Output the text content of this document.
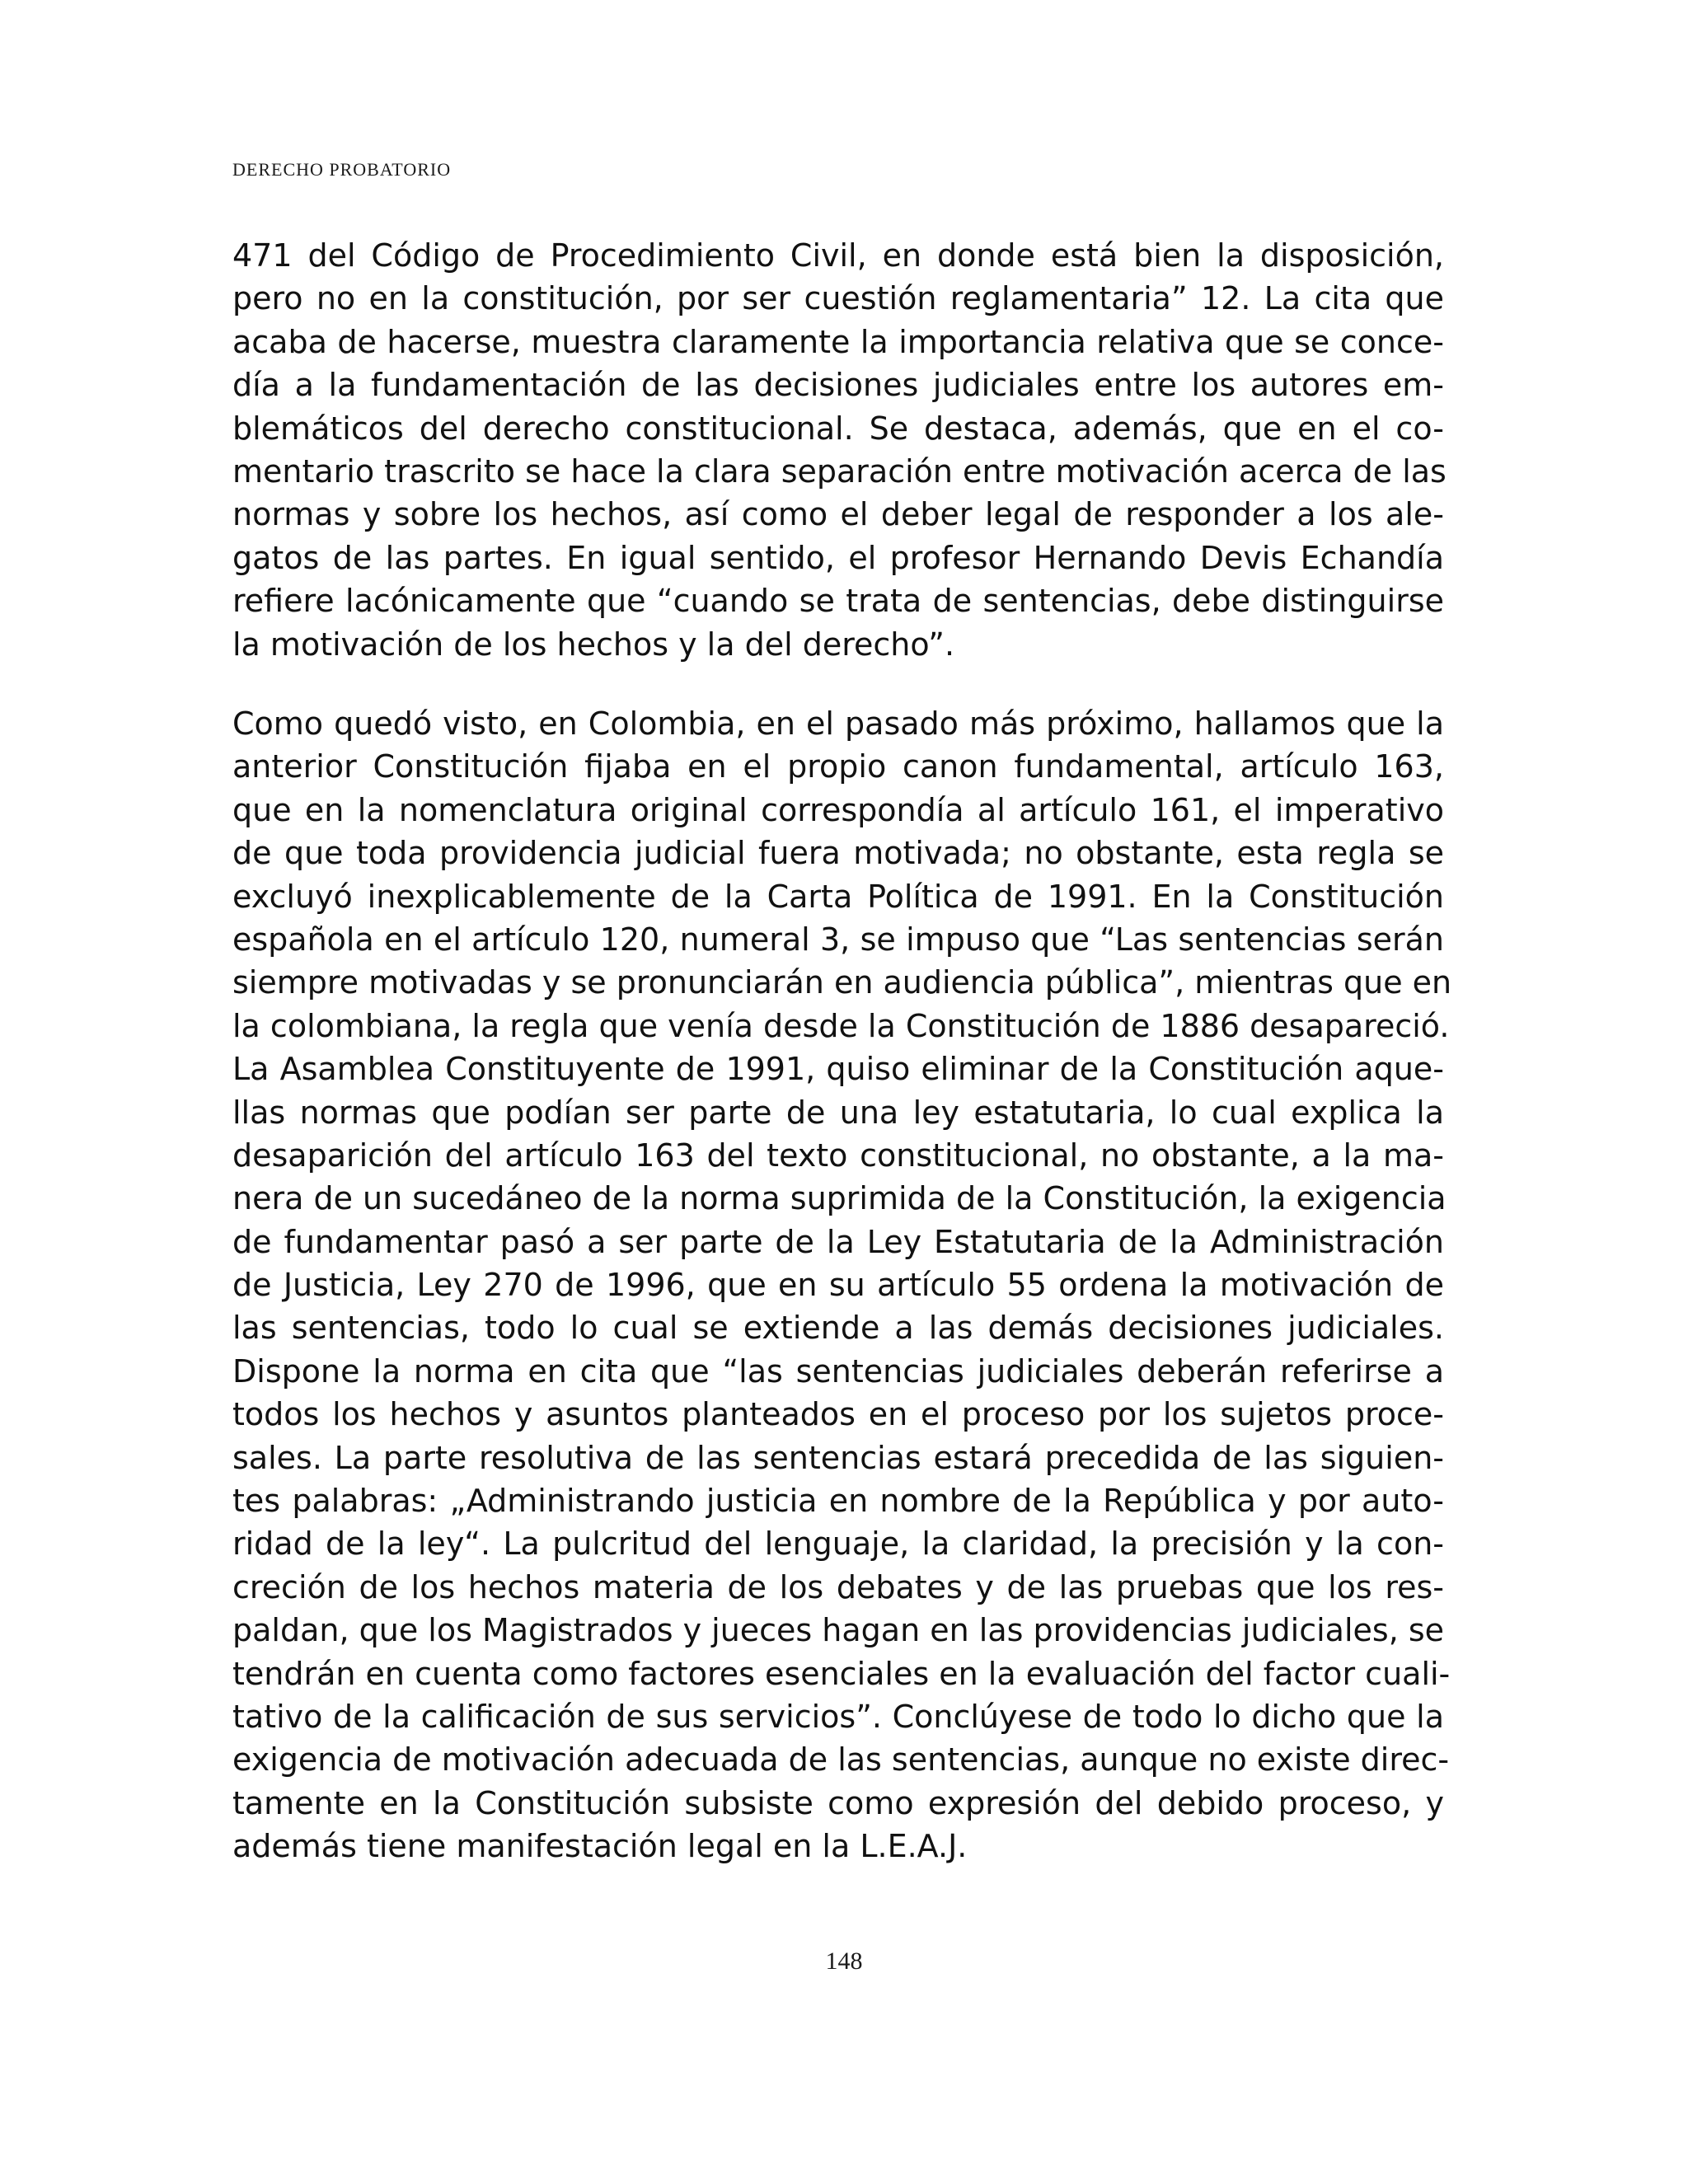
DERECHO PROBATORIO
471 del Código de Procedimiento Civil, en donde está bien la disposición,
pero no en la constitución, por ser cuestión reglamentaria” 12. La cita que
acaba de hacerse, muestra claramente la importancia relativa que se conce-
día a la fundamentación de las decisiones judiciales entre los autores em-
blemáticos del derecho constitucional. Se destaca, además, que en el co-
mentario trascrito se hace la clara separación entre motivación acerca de las
normas y sobre los hechos, así como el deber legal de responder a los ale-
gatos de las partes. En igual sentido, el profesor Hernando Devis Echandía
refiere lacónicamente que “cuando se trata de sentencias, debe distinguirse
la motivación de los hechos y la del derecho”.
Como quedó visto, en Colombia, en el pasado más próximo, hallamos que la
anterior Constitución fijaba en el propio canon fundamental, artículo 163,
que en la nomenclatura original correspondía al artículo 161, el imperativo
de que toda providencia judicial fuera motivada; no obstante, esta regla se
excluyó inexplicablemente de la Carta Política de 1991. En la Constitución
española en el artículo 120, numeral 3, se impuso que “Las sentencias serán
siempre motivadas y se pronunciarán en audiencia pública”, mientras que en
la colombiana, la regla que venía desde la Constitución de 1886 desapareció.
La Asamblea Constituyente de 1991, quiso eliminar de la Constitución aque-
llas normas que podían ser parte de una ley estatutaria, lo cual explica la
desaparición del artículo 163 del texto constitucional, no obstante, a la ma-
nera de un sucedáneo de la norma suprimida de la Constitución, la exigencia
de fundamentar pasó a ser parte de la Ley Estatutaria de la Administración
de Justicia, Ley 270 de 1996, que en su artículo 55 ordena la motivación de
las sentencias, todo lo cual se extiende a las demás decisiones judiciales.
Dispone la norma en cita que “las sentencias judiciales deberán referirse a
todos los hechos y asuntos planteados en el proceso por los sujetos proce-
sales. La parte resolutiva de las sentencias estará precedida de las siguien-
tes palabras: „Administrando justicia en nombre de la República y por auto-
ridad de la ley“. La pulcritud del lenguaje, la claridad, la precisión y la con-
creción de los hechos materia de los debates y de las pruebas que los res-
paldan, que los Magistrados y jueces hagan en las providencias judiciales, se
tendrán en cuenta como factores esenciales en la evaluación del factor cuali-
tativo de la calificación de sus servicios”. Conclúyese de todo lo dicho que la
exigencia de motivación adecuada de las sentencias, aunque no existe direc-
tamente en la Constitución subsiste como expresión del debido proceso, y
además tiene manifestación legal en la L.E.A.J.
148
